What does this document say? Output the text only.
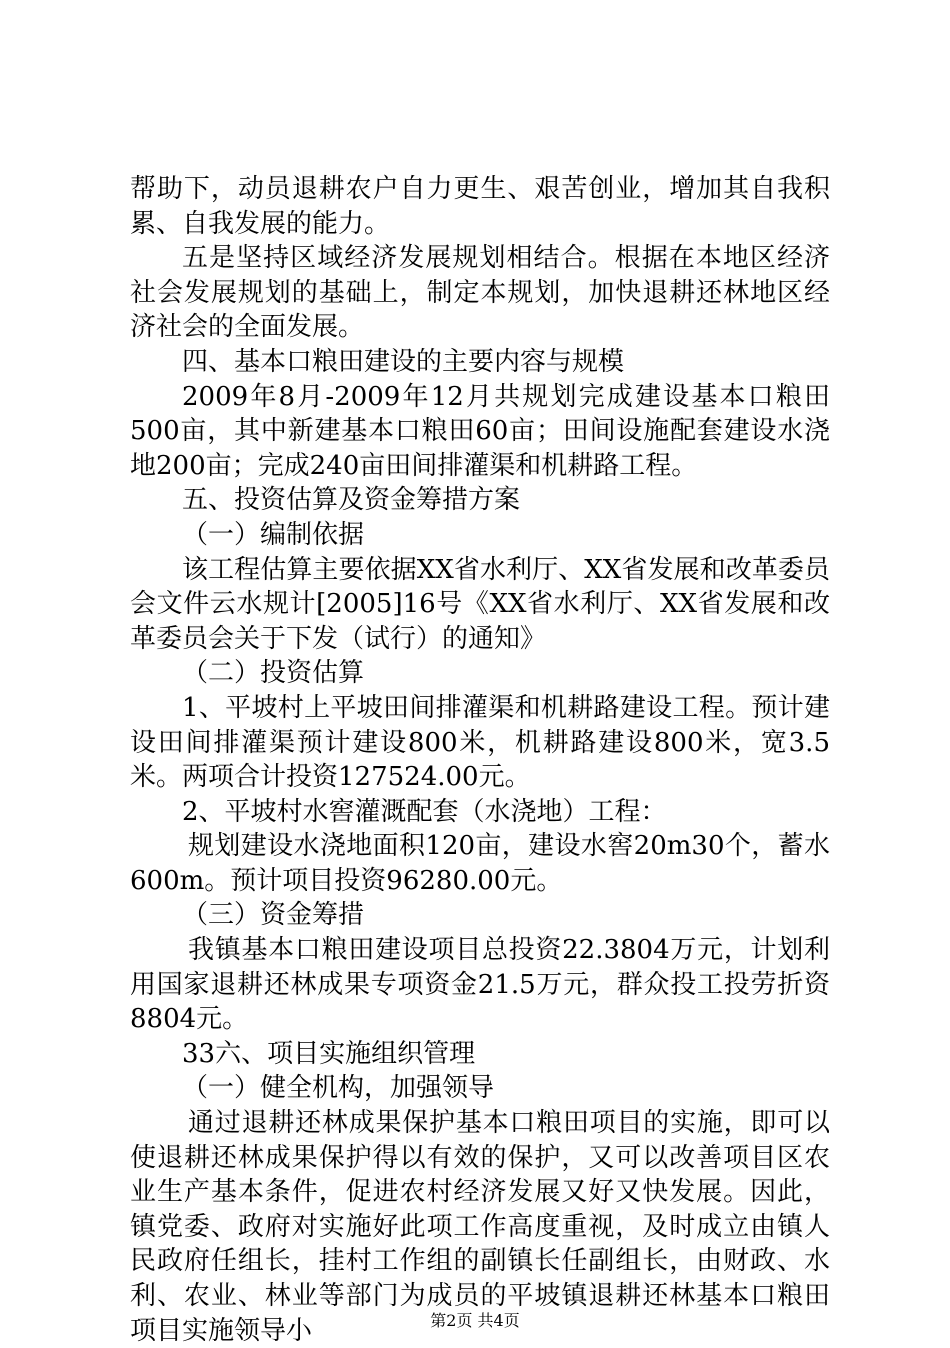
帮助下，动员退耕农户自力更生、艰苦创业，增加其自我积累、自我发展的能力。

五是坚持区域经济发展规划相结合。根据在本地区经济社会发展规划的基础上，制定本规划，加快退耕还林地区经济社会的全面发展。

四、基本口粮田建设的主要内容与规模

2009年8月-2009年12月共规划完成建设基本口粮田500亩，其中新建基本口粮田60亩；田间设施配套建设水浇地200亩；完成240亩田间排灌渠和机耕路工程。

五、投资估算及资金筹措方案

（一）编制依据

该工程估算主要依据XX省水利厅、XX省发展和改革委员会文件云水规计[2005]16号《XX省水利厅、XX省发展和改革委员会关于下发（试行）的通知》

（二）投资估算

1、平坡村上平坡田间排灌渠和机耕路建设工程。预计建设田间排灌渠预计建设800米，机耕路建设800米，宽3.5米。两项合计投资127524.00元。

2、平坡村水窖灌溉配套（水浇地）工程：

规划建设水浇地面积120亩，建设水窖20m30个，蓄水600m。预计项目投资96280.00元。

（三）资金筹措

我镇基本口粮田建设项目总投资22.3804万元，计划利用国家退耕还林成果专项资金21.5万元，群众投工投劳折资8804元。

33六、项目实施组织管理

（一）健全机构，加强领导

通过退耕还林成果保护基本口粮田项目的实施，即可以使退耕还林成果保护得以有效的保护，又可以改善项目区农业生产基本条件，促进农村经济发展又好又快发展。因此，镇党委、政府对实施好此项工作高度重视，及时成立由镇人民政府任组长，挂村工作组的副镇长任副组长，由财政、水利、农业、林业等部门为成员的平坡镇退耕还林基本口粮田项目实施领导小	第2页 共4页
